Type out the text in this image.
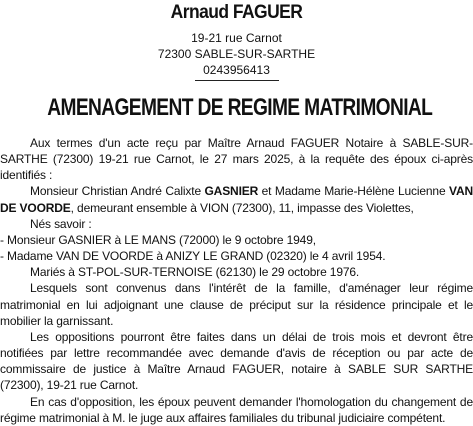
Arnaud FAGUER
19-21 rue Carnot
72300 SABLE-SUR-SARTHE
0243956413
AMENAGEMENT DE REGIME MATRIMONIAL

Aux termes d'un acte reçu par Maître Arnaud FAGUER Notaire à SABLE-SUR-SARTHE (72300) 19-21 rue Carnot, le 27 mars 2025, à la requête des époux ci-après identifiés :

Monsieur Christian André Calixte GASNIER et Madame Marie-Hélène Lucienne VAN DE VOORDE, demeurant ensemble à VION (72300), 11, impasse des Violettes,

Nés savoir :

- Monsieur GASNIER à LE MANS (72000) le 9 octobre 1949,

- Madame VAN DE VOORDE à ANIZY LE GRAND (02320) le 4 avril 1954.

Mariés à ST-POL-SUR-TERNOISE (62130) le 29 octobre 1976.

Lesquels sont convenus dans l'intérêt de la famille, d'aménager leur régime matrimonial en lui adjoignant une clause de préciput sur la résidence principale et le mobilier la garnissant.

Les oppositions pourront être faites dans un délai de trois mois et devront être notifiées par lettre recommandée avec demande d'avis de réception ou par acte de commissaire de justice à Maître Arnaud FAGUER, notaire à SABLE SUR SARTHE (72300), 19-21 rue Carnot.

En cas d'opposition, les époux peuvent demander l'homologation du changement de régime matrimonial à M. le juge aux affaires familiales du tribunal judiciaire compétent.
